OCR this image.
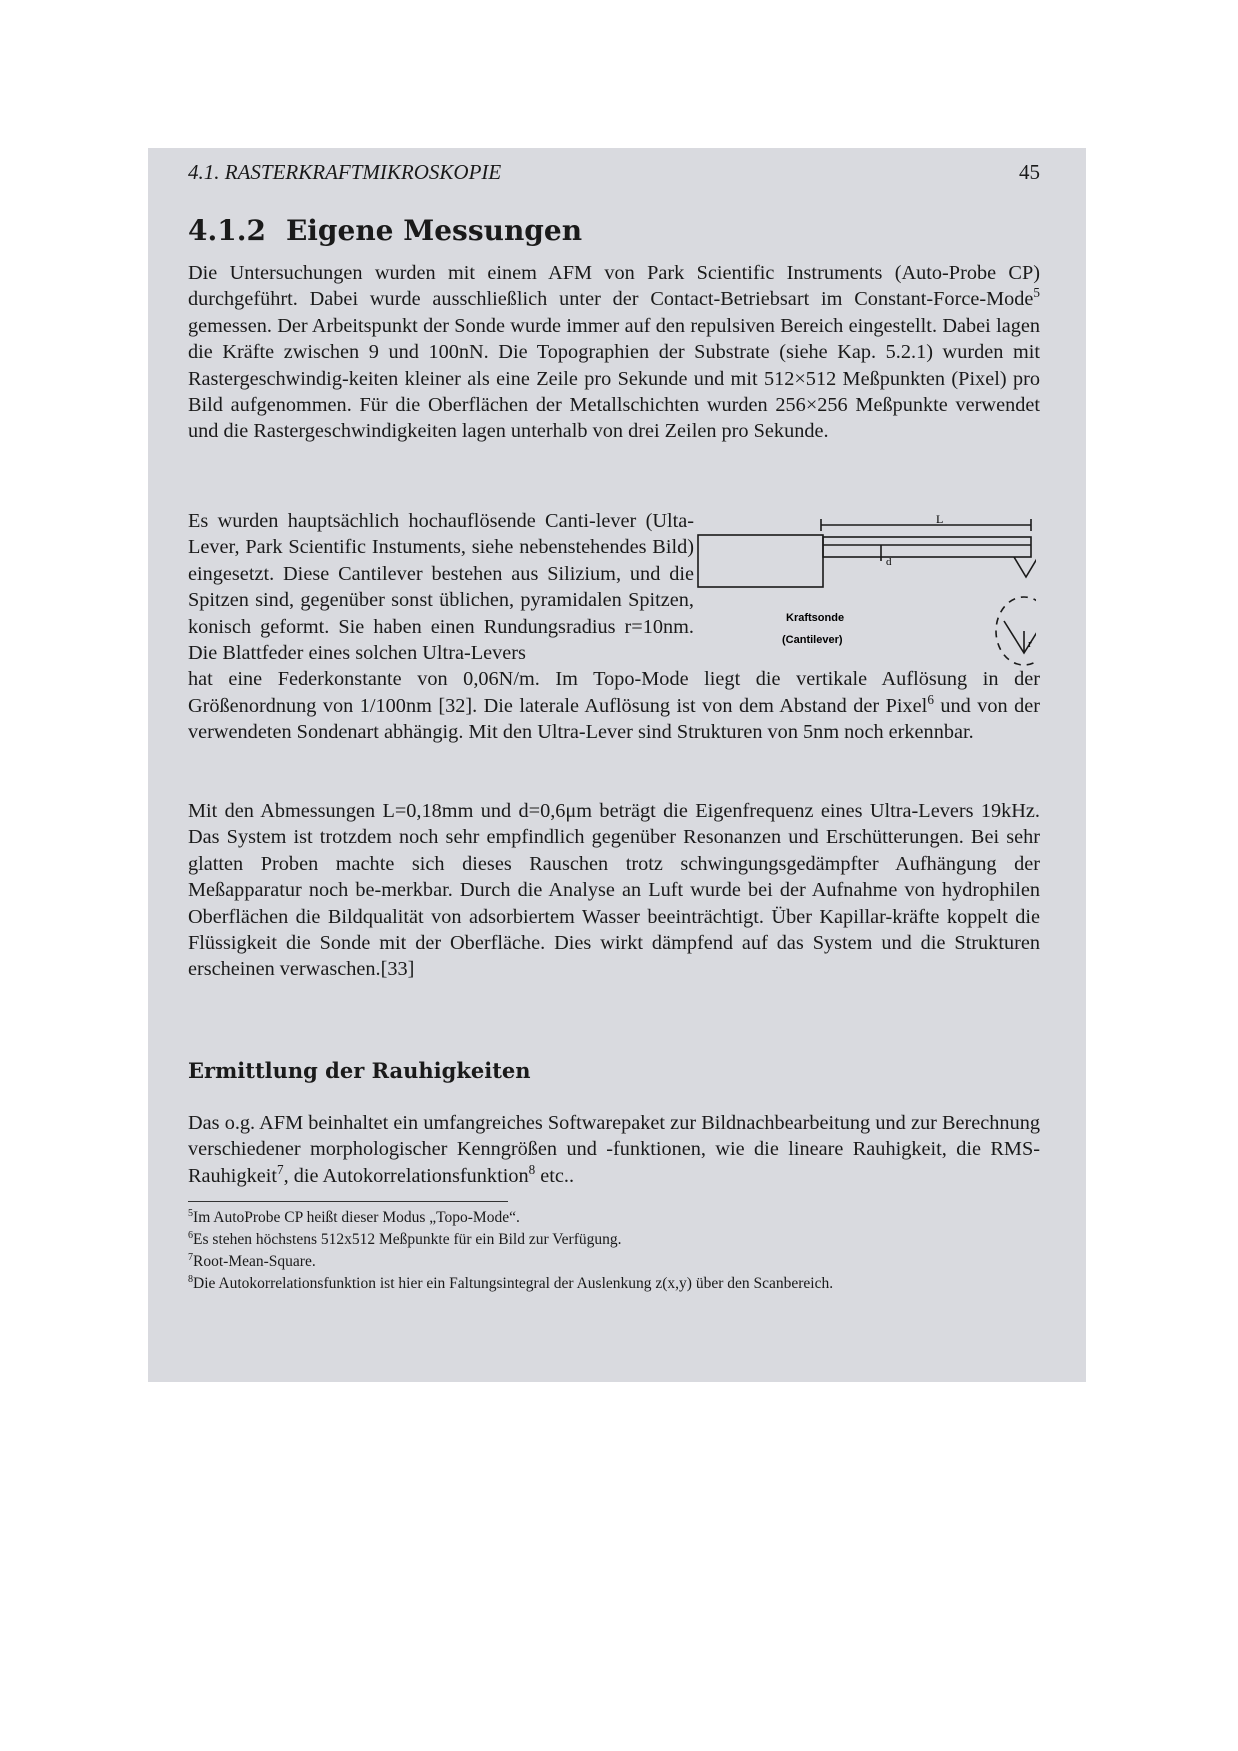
4.1. RASTERKRAFTMIKROSKOPIE	45
4.1.2 Eigene Messungen

Die Untersuchungen wurden mit einem AFM von Park Scientific Instruments (Auto-Probe CP) durchgeführt. Dabei wurde ausschließlich unter der Contact-Betriebsart im Constant-Force-Mode$^5$ gemessen. Der Arbeitspunkt der Sonde wurde immer auf den repulsiven Bereich eingestellt. Dabei lagen die Kräfte zwischen 9 und 100nN. Die Topographien der Substrate (siehe Kap. 5.2.1) wurden mit Rastergeschwindig-keiten kleiner als eine Zeile pro Sekunde und mit 512×512 Meßpunkten (Pixel) pro Bild aufgenommen. Für die Oberflächen der Metallschichten wurden 256×256 Meßpunkte verwendet und die Rastergeschwindigkeiten lagen unterhalb von drei Zeilen pro Sekunde.

Es wurden hauptsächlich hochauflösende Canti-lever (Ulta-Lever, Park Scientific Instuments, siehe nebenstehendes Bild) eingesetzt. Diese Cantilever bestehen aus Silizium, und die Spitzen sind, gegenüber sonst üblichen, pyramidalen Spitzen, konisch geformt. Sie haben einen Rundungsradius r=10nm. Die Blattfeder eines solchen Ultra-Levers

hat eine Federkonstante von 0,06N/m. Im Topo-Mode liegt die vertikale Auflösung in der Größenordnung von 1/100nm [32]. Die laterale Auflösung ist von dem Abstand der Pixel$^6$ und von der verwendeten Sondenart abhängig. Mit den Ultra-Lever sind Strukturen von 5nm noch erkennbar.

Mit den Abmessungen L=0,18mm und d=0,6μm beträgt die Eigenfrequenz eines Ultra-Levers 19kHz. Das System ist trotzdem noch sehr empfindlich gegenüber Resonanzen und Erschütterungen. Bei sehr glatten Proben machte sich dieses Rauschen trotz schwingungsgedämpfter Aufhängung der Meßapparatur noch be-merkbar. Durch die Analyse an Luft wurde bei der Aufnahme von hydrophilen Oberflächen die Bildqualität von adsorbiertem Wasser beeinträchtigt. Über Kapillar-kräfte koppelt die Flüssigkeit die Sonde mit der Oberfläche. Dies wirkt dämpfend auf das System und die Strukturen erscheinen verwaschen.[33]

Ermittlung der Rauhigkeiten

Das o.g. AFM beinhaltet ein umfangreiches Softwarepaket zur Bildnachbearbeitung und zur Berechnung verschiedener morphologischer Kenngrößen und -funktionen, wie die lineare Rauhigkeit, die RMS-Rauhigkeit$^7$, die Autokorrelationsfunktion$^8$ etc..

$^5$Im AutoProbe CP heißt dieser Modus „Topo-Mode“.
$^6$Es stehen höchstens 512x512 Meßpunkte für ein Bild zur Verfügung.
$^7$Root-Mean-Square.
$^8$Die Autokorrelationsfunktion ist hier ein Faltungsintegral der Auslenkung z(x,y) über den Scanbereich.
L
d
r
Kraftsonde
(Cantilever)
